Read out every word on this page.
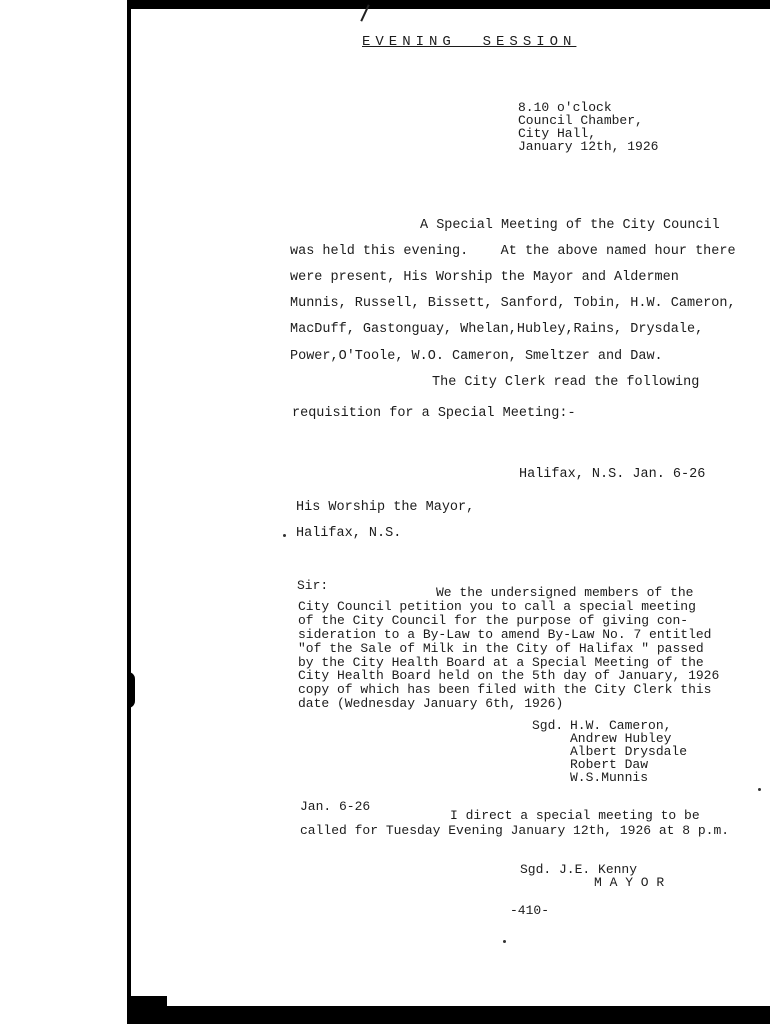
EVENING  SESSION
8.10 o'clock
Council Chamber,
City Hall,
January 12th, 1926
A Special Meeting of the City Council
was held this evening.    At the above named hour there
were present, His Worship the Mayor and Aldermen
Munnis, Russell, Bissett, Sanford, Tobin, H.W. Cameron,
MacDuff, Gastonguay, Whelan,Hubley,Rains, Drysdale,
Power,O'Toole, W.O. Cameron, Smeltzer and Daw.
The City Clerk read the following
requisition for a Special Meeting:-
Halifax, N.S. Jan. 6-26
His Worship the Mayor,
Halifax, N.S.
Sir:	We the undersigned members of the
City Council petition you to call a special meeting
of the City Council for the purpose of giving con-
sideration to a By-Law to amend By-Law No. 7 entitled
"of the Sale of Milk in the City of Halifax " passed
by the City Health Board at a Special Meeting of the
City Health Board held on the 5th day of January, 1926
copy of which has been filed with the City Clerk this
date (Wednesday January 6th, 1926)
Sgd. H.W. Cameron,
Andrew Hubley
Albert Drysdale
Robert Daw
W.S.Munnis
Jan. 6-26
I direct a special meeting to be
called for Tuesday Evening January 12th, 1926 at 8 p.m.
Sgd. J.E. Kenny
M A Y O R
-410-
